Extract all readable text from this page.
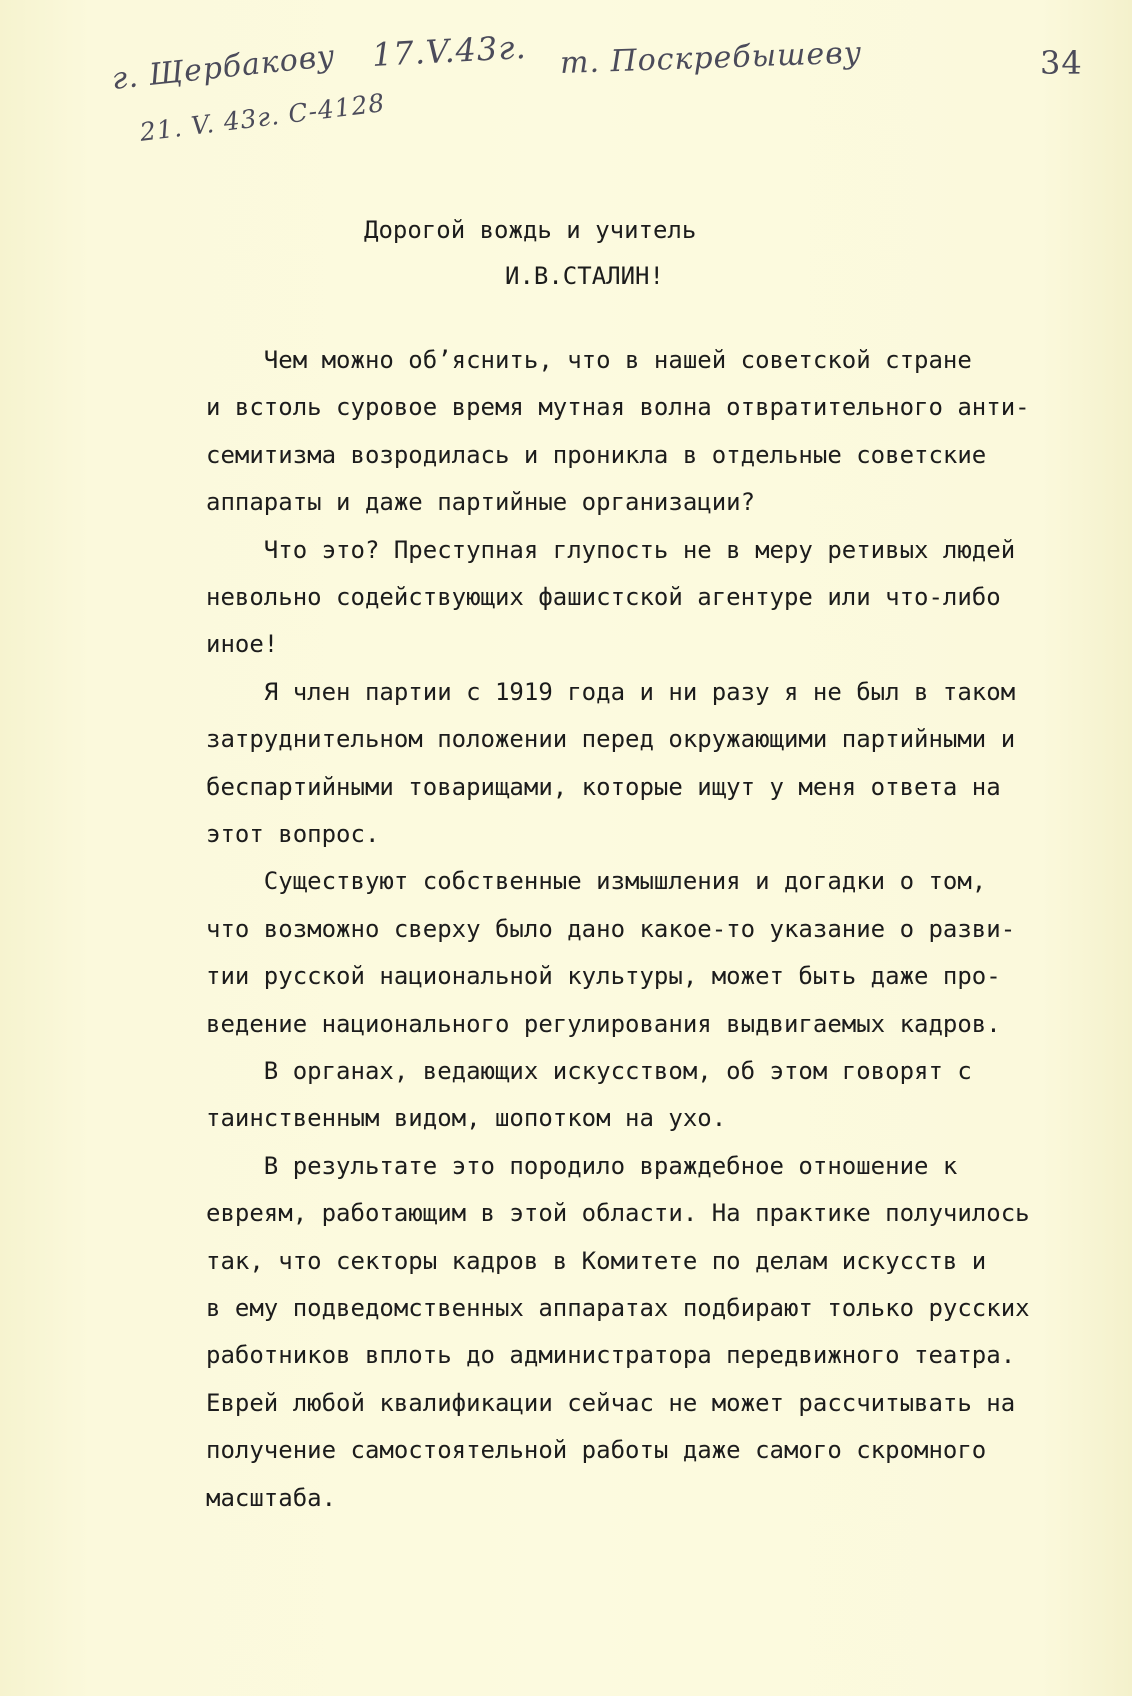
г. Щербакову
21. V. 43г. С-4128
17.V.43г. т. Поскребышеву	34
Дорогой вождь и учитель
И.В.СТАЛИН!
Чем можно об’яснить, что в нашей советской стране
и встоль суровое время мутная волна отвратительного анти-
семитизма возродилась и проникла в отдельные советские
аппараты и даже партийные организации?
Что это? Преступная глупость не в меру ретивых людей
невольно содействующих фашистской агентуре или что-либо
иное!
Я член партии с 1919 года и ни разу я не был в таком
затруднительном положении перед окружающими партийными и
беспартийными товарищами, которые ищут у меня ответа на
этот вопрос.
Существуют собственные измышления и догадки о том,
что возможно сверху было дано какое-то указание о разви-
тии русской национальной культуры, может быть даже про-
ведение национального регулирования выдвигаемых кадров.
В органах, ведающих искусством, об этом говорят с
таинственным видом, шопотком на ухо.
В результате это породило враждебное отношение к
евреям, работающим в этой области. На практике получилось
так, что секторы кадров в Комитете по делам искусств и
в ему подведомственных аппаратах подбирают только русских
работников вплоть до администратора передвижного театра.
Еврей любой квалификации сейчас не может рассчитывать на
получение самостоятельной работы даже самого скромного
масштаба.
